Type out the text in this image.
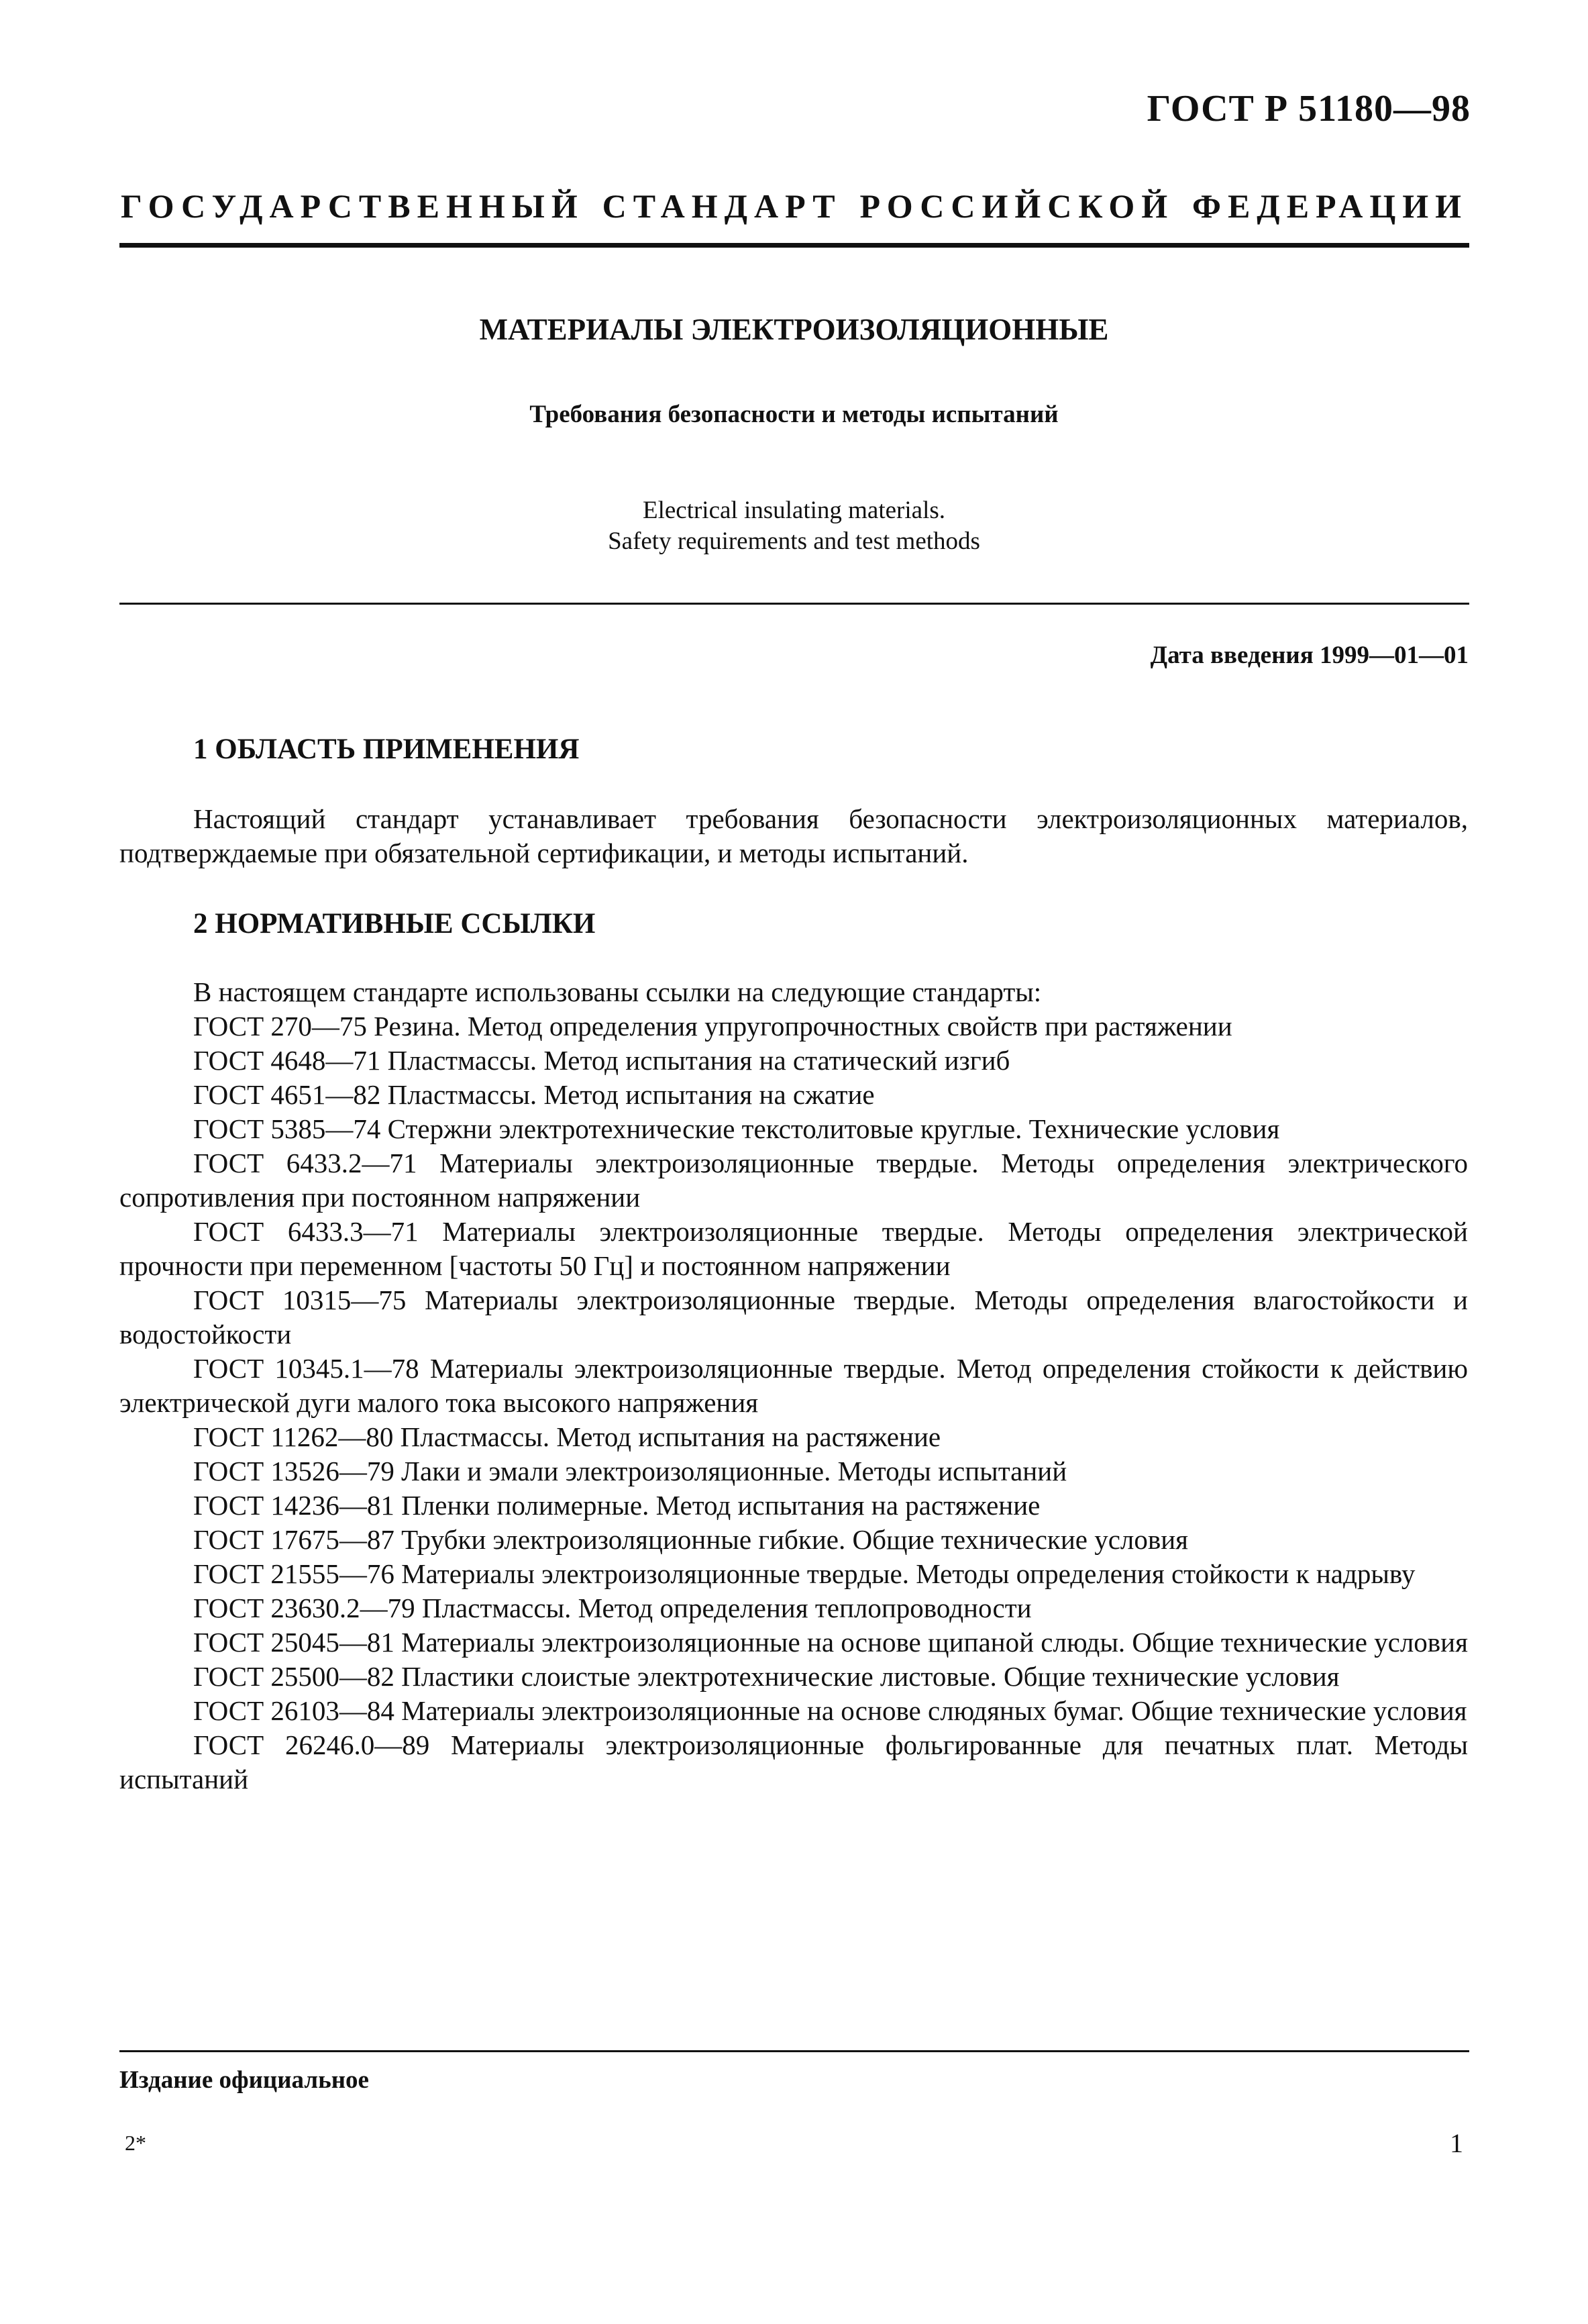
ГОСТ Р 51180—98
ГОСУДАРСТВЕННЫЙ СТАНДАРТ РОССИЙСКОЙ ФЕДЕРАЦИИ
МАТЕРИАЛЫ ЭЛЕКТРОИЗОЛЯЦИОННЫЕ
Требования безопасности и методы испытаний
Electrical insulating materials.
Safety requirements and test methods
Дата введения 1999—01—01
1 ОБЛАСТЬ ПРИМЕНЕНИЯ

Настоящий стандарт устанавливает требования безопасности электроизоляционных материалов, подтверждаемые при обязательной сертификации, и методы испытаний.

2 НОРМАТИВНЫЕ ССЫЛКИ

В настоящем стандарте использованы ссылки на следующие стандарты:

ГОСТ 270—75 Резина. Метод определения упругопрочностных свойств при растяжении

ГОСТ 4648—71 Пластмассы. Метод испытания на статический изгиб

ГОСТ 4651—82 Пластмассы. Метод испытания на сжатие

ГОСТ 5385—74 Стержни электротехнические текстолитовые круглые. Технические условия

ГОСТ 6433.2—71 Материалы электроизоляционные твердые. Методы определения электрического сопротивления при постоянном напряжении

ГОСТ 6433.3—71 Материалы электроизоляционные твердые. Методы определения электрической прочности при переменном [частоты 50 Гц] и постоянном напряжении

ГОСТ 10315—75 Материалы электроизоляционные твердые. Методы определения влагостойкости и водостойкости

ГОСТ 10345.1—78 Материалы электроизоляционные твердые. Метод определения стойкости к действию электрической дуги малого тока высокого напряжения

ГОСТ 11262—80 Пластмассы. Метод испытания на растяжение

ГОСТ 13526—79 Лаки и эмали электроизоляционные. Методы испытаний

ГОСТ 14236—81 Пленки полимерные. Метод испытания на растяжение

ГОСТ 17675—87 Трубки электроизоляционные гибкие. Общие технические условия

ГОСТ 21555—76 Материалы электроизоляционные твердые. Методы определения стойкости к надрыву

ГОСТ 23630.2—79 Пластмассы. Метод определения теплопроводности

ГОСТ 25045—81 Материалы электроизоляционные на основе щипаной слюды. Общие технические условия

ГОСТ 25500—82 Пластики слоистые электротехнические листовые. Общие технические условия

ГОСТ 26103—84 Материалы электроизоляционные на основе слюдяных бумаг. Общие технические условия

ГОСТ 26246.0—89 Материалы электроизоляционные фольгированные для печатных плат. Методы испытаний

Издание официальное
2*	1
